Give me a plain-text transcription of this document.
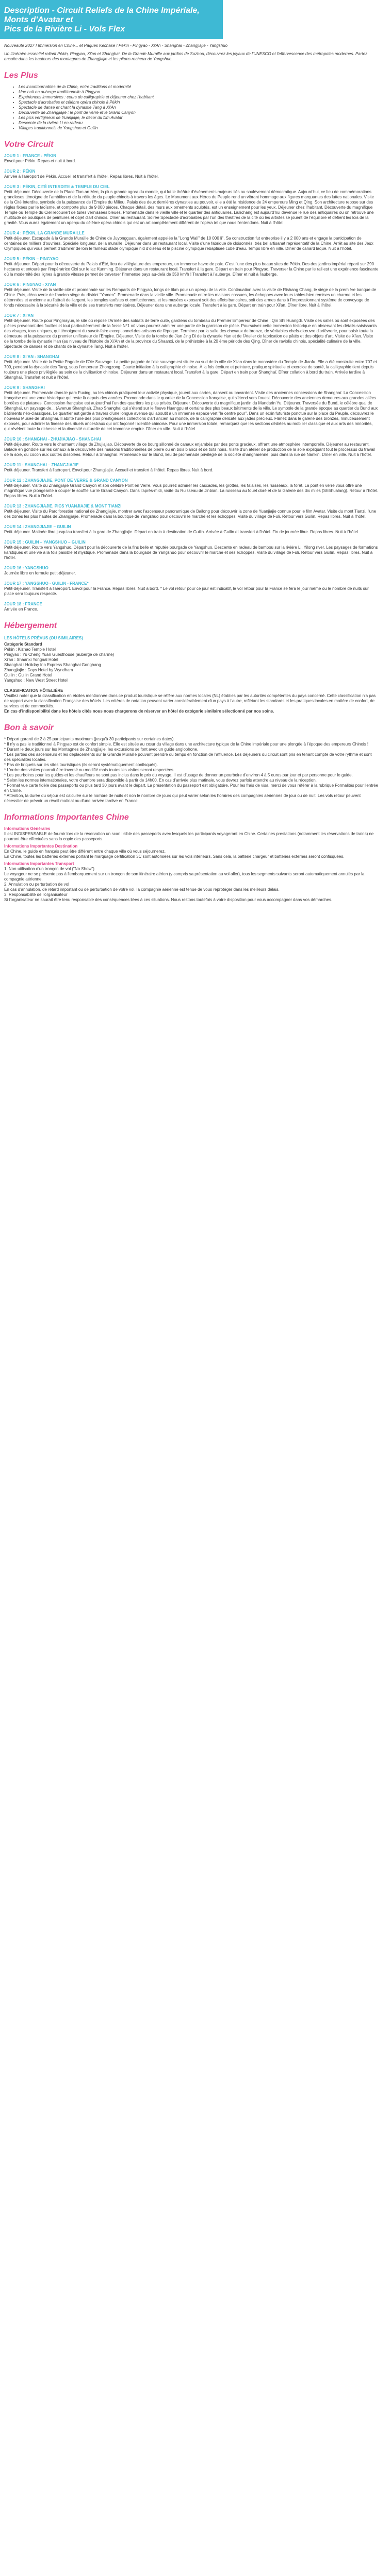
Description - Circuit Reliefs de la Chine Impériale, Monts d'Avatar et
Pics de la Rivière Li - Vols Flex

Nouveauté 2027 ! Immersion en Chine... et Pâques Kechase ! Pékin - Pingyao - Xi'An - Shanghaï - Zhangjiajie - Yangshuo

Un itinéraire essentiel reliant Pékin, Pingyao, Xi'an et Shanghaï. De la Grande Muraille aux jardins de Suzhou, découvrez les joyaux de l'UNESCO et l'effervescence des métropoles modernes. Partez ensuite dans les hauteurs des montagnes de Zhangjiajie et les pitons rocheux de Yangshuo.

Les Plus
• Les incontournables de la Chine, entre traditions et modernité
• Une nuit en auberge traditionnelle à Pingyao
• Expériences immersives : cours de calligraphie et déjeuner chez l'habitant
• Spectacle d'acrobaties et célèbre opéra chinois à Pékin
• Spectacle de danse et chant la dynastie Tang à Xi'An
• Découverte de Zhangjiajie : le pont de verre et le Grand Canyon
• Les pics vertigineux de Yuanjiajie, le décor du film Avatar
• Descente de la rivière Li en radeau
• Villages traditionnels de Yangshuo et Guilin
Votre Circuit

JOUR 1 : FRANCE - PÉKIN

Envol pour Pékin. Repas et nuit à bord.

JOUR 2 : PÉKIN

Arrivée à l'aéroport de Pékin. Accueil et transfert à l'hôtel. Repas libres. Nuit à l'hôtel.

JOUR 3 : PÉKIN, CITÉ INTERDITE & TEMPLE DU CIEL

Petit-déjeuner. Découverte de la Place Tian an Men, la plus grande agora du monde, qui fut le théâtre d'événements majeurs liés au soulèvement démocratique. Aujourd'hui, ce lieu de commémorations grandioses témoigne de l'ambition et de la rétitude du peuple chinois à travers les âges. Le Monument aux Héros du Peuple rend un vibrant hommage aux figures marquantes des luttes nationales. Visite de la Cité Interdite, symbole de la puissance de l'Empire du Milieu. Palais des deux dernières dynasties au pouvoir, elle a été la résidence de 24 empereurs Ming et Qing. Son architecture repose sur des règles fixées par le taoïsme, et comporte plus de 9 000 pièces. Chaque détail, des murs aux ornements sculptés, est un enseignement pour les yeux. Déjeuner chez l'habitant. Découverte du magnifique Temple ou Temple du Ciel recouvert de tuiles vernissées bleues. Promenade dans le vieille ville et le quartier des antiquaires. Liulichang est aujourd'hui devenue le rue des antiquaires où on retrouve une multitude de boutiques de peintures et objet d'art chinois. Dîner au restaurant. Soirée Spectacle d'acrobaties par l'un des théâtres de la cité où les artistes se jouent de l'équilibre et défient les lois de la gravité. Vous aurez également un aperçu du célèbre opéra chinois qui est un art complètement différent de l'opéra tel que nous l'entendons. Nuit à l'hôtel.

JOUR 4 : PÉKIN, LA GRANDE MURAILLE

Petit-déjeuner. Escapade à la Grande Muraille de Chine de Juyongguan, également appelée la "Long Wall" de 10 000 li". Sa construction fut entreprise il y a 2 000 ans et engage la participation de centaines de milliers d'ouvriers. Spéciale longueur, de la muraille. Déjeuner dans un restaurant local. Visite d'une fabrique de cloisonnés, très bel artisanat représentatif de la Chine. Arrêt au site des Jeux Olympiques qui vous permet d'admirer de loin le fameux stade olympique nid d'oiseau et la piscine olympique rebaptisée cube d'eau. Temps libre en ville. Dîner de canard laqué. Nuit à l'hôtel.

JOUR 5 : PÉKIN – PINGYAO

Petit-déjeuner. Départ pour la découverte du Palais d'Été, lieu de villégiature des empereurs, un immense havre de paix. C'est l'une des plus beaux sites de Pékin. Des des jardins impérial réparti sur 290 hectares et entouré par l'impératrice Cixi sur le lac Kunming. Déjeuner dans un restaurant local. Transfert à la gare. Départ en train pour Pingyao. Traverser la Chine par le rail est une expérience fascinante où la modernité des lignes à grande vitesse permet de traverser l'immense pays au-delà de 350 km/h ! Transfert à l'auberge. Dîner et nuit à l'auberge.

JOUR 6 : PINGYAO - XI'AN

Petit-déjeuner. Visite de la vieille cité et promenade sur les Remparts de Pingyao, longs de 6km pour un aperçu de la ville. Continuation avec la visite de Rishang Chang, le siège de la première banque de Chine. Puis, découverte de l'ancien siège du district "Yamen". Promenade dans la vieille ville. Promenade entre les maisons cossues, les échoppes avec leurs tables bien remises un charme et les détonnées et ancienne au l'attrait de l'argent, les temples taoïstes et confucéennes, et les musées exposant soit des effets bancaires, soit des armes dans à l'impressionnant système de convoyage de fonds nécessaire à la sécurité de la ville et de ses transferts monétaires. Déjeuner dans une auberge locale. Transfert à la gare. Départ en train pour Xi'an. Dîner libre. Nuit à l'hôtel.

JOUR 7 : XI'AN

Petit-déjeuner. Route pour Pingmayun, le site où repose l'Armée des soldats de terre cuite, gardiens du tombeau du Premier Empereur de Chine : Qin Shi Huangdi. Visite des salles où sont exposées des pièces provenant des fouilles et tout particulièrement de la fosse N°1 où vous pourrez admirer une partie de la garnison de pièce. Poursuivez cette immersion historique en observant les détails saisissants des visages, tous uniques, qui témoignent du savoir-faire exceptionnel des artisans de l'époque. Terminez par la salle des chevaux de bronze, de véritables chefs-d'œuvre d'orfèvrerie, pour saisir toute la démesure et la puissance du premier unificateur de l'Empire. Déjeuner. Visite de la tombe de Jian Jing Di de la dynastie Han et de l'Atelier de fabrication de pâtés et des objets d'art. Visite de Xi'an. Visite de la tombe de la dynastie Han (au niveau de l'histoire de Xi'An et de la province du Shaanxi, de la préhistoire à la 20 ème période des Qing. Dîner de raviolis chinois, spécialité culinaire de la ville. Spectacle de danses et de chants de la dynastie Tang. Nuit à l'hôtel.

JOUR 8 : XI'AN - SHANGHAI

Petit-déjeuner. Visite de la Petite Pagode de l'Oie Sauvage. La petite pagode de l'oie sauvage est située au sud de la ville de Xi'an dans le monastère du Temple de Jianfu. Elle a été construite entre 707 et 709, pendant la dynastie des Tang, sous l'empereur Zhongzong. Courte initiation à la calligraphie chinoise. À la fois écriture et peinture, pratique spirituelle et exercice de santé, la calligraphie tient depuis toujours une place privilégiée au sein de la civilisation chinoise. Déjeuner dans un restaurant local. Transfert à la gare. Départ en train pour Shanghaï. Dîner collation à bord du train. Arrivée tardive à Shanghaï. Transfert et nuit à l'hôtel.

JOUR 9 : SHANGHAI

Petit-déjeuner. Promenade dans le parc Fuxing, au les chinois pratiquent leur activité physique, jouent aux cartes, dansent ou bavardent. Visite des anciennes concessions de Shanghaï. La Concession française est une zone historique qui reste là depuis des années. Promenade dans le quartier de la Concession française, qui s'étend vers l'ouest. Découverte des anciennes demeures aux grandes allées bordées de platanes. Concession française est aujourd'hui l'un des quartiers les plus prisés. Déjeuner. Découverte du magnifique jardin du Mandarin Yu. Déjeuner. Traversée du Bund, le célèbre quai de Shanghaï, un paysage de... (Avenue Shanghai). Zhao Shanghai qui s'étend sur le fleuve Huangpu et certains des plus beaux bâtiments de la ville. Le symbole de la grande époque au quartier du Bund aux bâtiments néo-classiques. Le quartier est gardé à travers d'une longue avenue qui aboutit à un immense espace vert "le centre pour". Dans un écrin futuriste ponctué sur la place du Peuple, découvrez le nouveau Musée de Shanghaï. Il abrite l'une des plus prestigieuses collections d'art ancien au monde, de la calligraphie délicate aux jades précieux. Flânez dans le galerie des bronzes, minutieusement exposés, pour admirer la finesse des rituels ancestraux qui ont façonné l'identité chinoise. Pour une immersion totale, remarquez que les sections dédiées au mobilier classique et aux arts des minorités, qui révèlent toute la richesse et la diversité culturelle de cet immense empire. Dîner en ville. Nuit à l'hôtel.

JOUR 10 : SHANGHAI - ZHUJIAJIAO - SHANGHAI

Petit-déjeuner. Route vers le charmant village de Zhujiajiao. Découverte de ce bourg sillonné de canaux enjambés par des ponts gracieux, offrant une atmosphère intemporelle. Déjeuner au restaurant. Balade en gondole sur les canaux à la découverte des maisons traditionnelles de pierre ou en bois blancs et de toits noirs. Visite d'un atelier de production de la soie expliquant tout le processus du travail de la soie, du cocon aux coûtes dissolées. Retour à Shanghaï. Promenade sur le Bund, lieu de promenade privilégié de la société shanghaïenne, puis dans la rue de Nankin. Dîner en ville. Nuit à l'hôtel.

JOUR 11 : SHANGHAI – ZHANGJIAJIE

Petit-déjeuner. Transfert à l'aéroport. Envol pour Zhangjiajie. Accueil et transfert à l'hôtel. Repas libres. Nuit à bord.

JOUR 12 : ZHANGJIAJIE, PONT DE VERRE & GRAND CANYON

Petit-déjeuner. Visite du Zhangjiajie Grand Canyon et son célèbre Pont en Verre. Vous pourrez admirer les cascades, les grottes, les falaises, les ruisseaux, la forêt. La pont en verre vous offre une magnifique vue plongeante à couper le souffle sur le Grand Canyon. Dans l'après-midi, visite du Ruisseau de Jinbian. La ruisseau au fouet doré et de la Galerie des dix miles (Shilihualang). Retour à l'hôtel. Repas libres. Nuit à l'hôtel.

JOUR 13 : ZHANGJIAJIE, PICS YUANJIAJIE & MONT TIANZI

Petit-déjeuner. Visite du Parc forestier national de Zhangjiajie, montrer avec l'ascenseur panoramique de Bailong pour découvrir la zone de Yuanjiajie connue pour le film Avatar. Visite du mont Tianzi, l'une des zones les plus hautes de Zhangjiajie. Promenade dans la boutique de Yangshuo pour découvrir le marché et les échoppes. Visite du village de Fuli. Retour vers Guilin. Repas libres. Nuit à l'hôtel.

JOUR 14 : ZHANGJIAJIE – GUILIN

Petit-déjeuner. Matinée libre jusqu'au transfert à la gare de Zhangjiajie. Départ en train à destination de Guilin. Arrivée à Guilin et transfert à l'hôtel. Fin de journée libre. Repas libres. Nuit à l'hôtel.

JOUR 15 : GUILIN – YANGSHUO – GUILIN

Petit-déjeuner. Route vers Yangshuo. Départ pour la découverte de la fins belle et réputée bourgade de Yangshuo. Descente en radeau de bambou sur la rivière Li, Yilong river. Les paysages de formations karstiques et une vie à la fois paisible et mystique. Promenade dans la bourgade de Yangshuo pour découvrir le marché et ses échoppes. Visite du village de Fuli. Retour vers Guilin. Repas libres. Nuit à l'hôtel.

JOUR 16 : YANGSHUO

Journée libre en formule petit-déjeuner.

JOUR 17 : YANGSHUO - GUILIN - FRANCE*

Petit-déjeuner. Transfert à l'aéroport. Envol pour la France. Repas libres. Nuit à bord. * Le vol retour pour ce jour est indicatif, le vol retour pour la France se fera le jour même ou le nombre de nuits sur place sera toujours respecté.

JOUR 18 : FRANCE

Arrivée en France.

Hébergement
LES HÔTELS PRÉVUS (OU SIMILAIRES)

Catégorie Standard

Pékin : Kizhao Temple Hotel

Pingyao : Yu Cheng Yuan Guesthouse (auberge de charme)

Xi'an : Shaanxi Yongnal Hotel

Shanghaï : Holiday Inn Express Shanghai Gonghang

Zhangjiajie : Days Hotel by Wyndham

Guilin : Guilin Grand Hotel

Yangshuo : New West Street Hotel

CLASSIFICATION HÔTELIÈRE

Veuillez noter que la classification en étoiles mentionnée dans ce produit touristique se réfère aux normes locales (NL) établies par les autorités compétentes du pays concerné. Cette classification n'a pas de rapport avec la classification Française des hôtels. Les critères de notation peuvent varier considérablement d'un pays à l'autre, reflétant les standards et les pratiques locales en matière de confort, de services et de commodités.

En cas d'indisponibilité dans les hôtels cités nous nous chargerons de réserver un hôtel de catégorie similaire sélectionné par nos soins.

Bon à savoir

* Départ garanti de 2 à 25 participants maximum (jusqu'à 30 participants sur certaines dates).

* Il n'y a pas le traditionnel à Pingyao est de confort simple. Elle est située au cœur du village dans une architecture typique de la Chine impériale pour une plongée à l'époque des empereurs Chinois !

* Durant le deux jours sur les Montagnes de Zhangjiajie, les excursions se font avec un guide anglophone.

* Les parties des ascenseurs et les déplacements sur la Grande Muraille pouvant prendre du temps en fonction de l'affluence. Les déjeuners du circuit sont pris en tenant compte de votre rythme et sont des spécialités locales.

* Pas de briquets sur les sites touristiques (ils seront systématiquement confisqués).

* L'ordre des visites pourrait être inversé ou modifié mais toutes les visites seront respectées.

* Les pourboires pour les guides et les chauffeurs ne sont pas inclus dans le prix du voyage. Il est d'usage de donner un pourboire d'environ 4 à 5 euros par jour et par personne pour le guide.

* Selon les normes internationales, votre chambre sera disponible à partir de 14h00. En cas d'arrivée plus matinale, vous devrez parfois attendre au niveau de la réception.

* Format vue carte fidèle des passeports ou plus tard 30 jours avant le départ. La présentation du passeport est obligatoire. Pour les frais de visa, merci de vous référer à la rubrique Formalités pour l'entrée en Chine.

* Attention, la durée du séjour est calculée sur le nombre de nuits et non le nombre de jours qui peut varier selon les horaires des compagnies aériennes de jour ou de nuit. Les vols retour peuvent nécessiter de prévoir un réveil matinal ou d'une arrivée tardive en France.

Informations Importantes Chine

Informations Générales

Il est INDISPENSABLE de fournir lors de la réservation un scan lisible des passeports avec lesquels les participants voyageront en Chine. Certaines prestations (notamment les réservations de trains) ne pourront être effectuées sans la copie des passeports.

Informations Importantes Destination

En Chine, le guide en français peut être différent entre chaque ville où vous séjournerez.

En Chine, toutes les batteries externes portant le marquage certification 3C sont autorisées sur les vols intérieurs. Sans cela, la batterie chargeur et batteries externes seront confisquées.

Informations Importantes Transport

1. Non-utilisation d'un tronçon de vol ("No Show")

Le voyageur ne se présente pas à l'embarquement sur un tronçon de son itinéraire aérien (y compris sa présentation au vol aller), tous les segments suivants seront automatiquement annulés par la compagnie aérienne.

2. Annulation ou perturbation de vol

En cas d'annulation, de retard important ou de perturbation de votre vol, la compagnie aérienne est tenue de vous reprotéger dans les meilleurs délais.

3. Responsabilité de l'organisateur

Si l'organisateur ne saurait être tenu responsable des conséquences liées à ces situations. Nous restons toutefois à votre disposition pour vous accompagner dans vos démarches.
